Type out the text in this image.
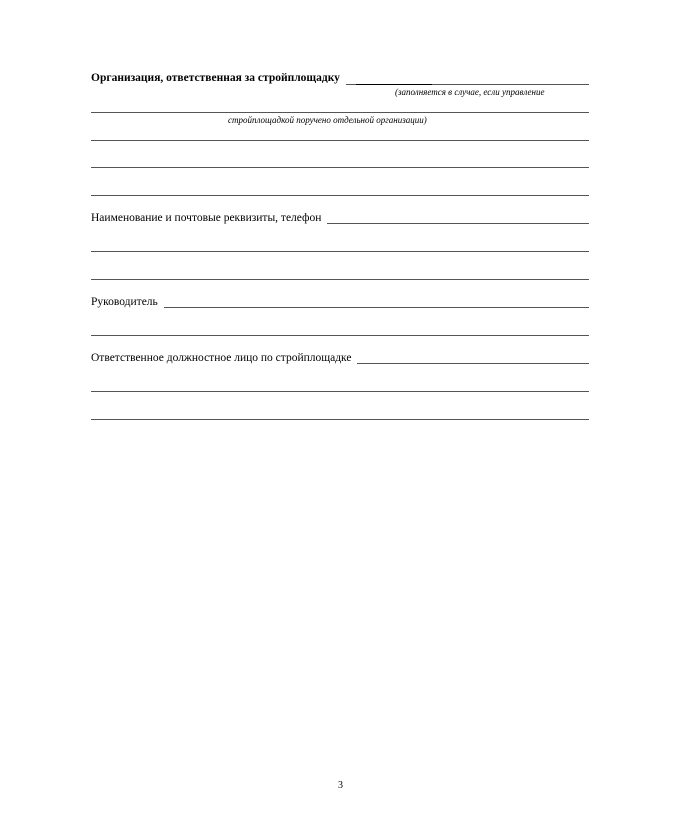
Организация, ответственная за стройплощадку
(заполняется в случае, если управление
стройплощадкой поручено отдельной организации)
Наименование и почтовые реквизиты, телефон
Руководитель
Ответственное должностное лицо по стройплощадке
3
